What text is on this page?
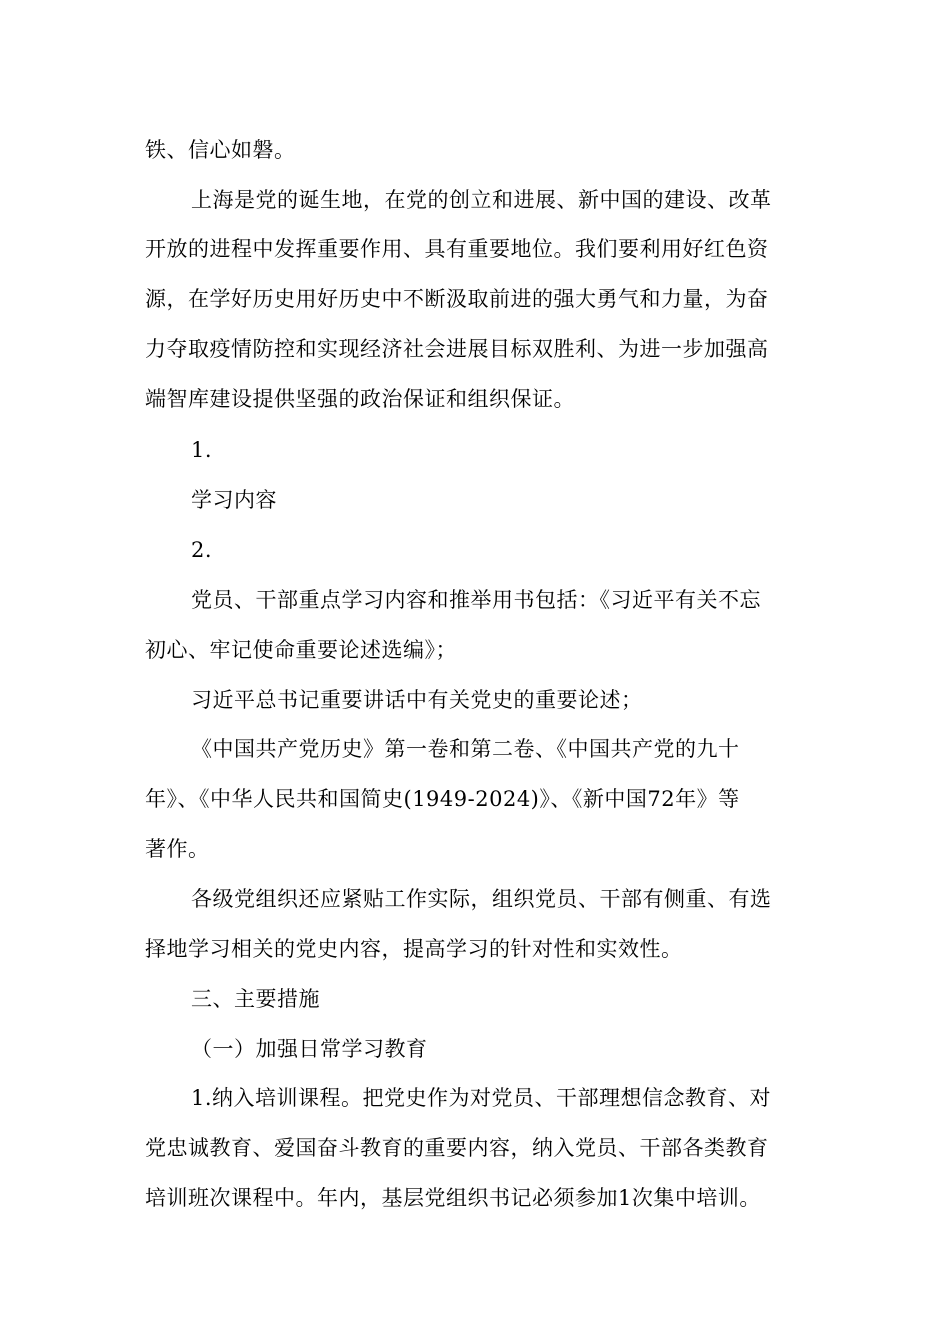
铁、信心如磐。
上海是党的诞生地，在党的创立和进展、新中国的建设、改革
开放的进程中发挥重要作用、具有重要地位。我们要利用好红色资
源，在学好历史用好历史中不断汲取前进的强大勇气和力量，为奋
力夺取疫情防控和实现经济社会进展目标双胜利、为进一步加强高
端智库建设提供坚强的政治保证和组织保证。
1.
学习内容
2.
党员、干部重点学习内容和推举用书包括：《习近平有关不忘
初心、牢记使命重要论述选编》；
习近平总书记重要讲话中有关党史的重要论述；
《中国共产党历史》第一卷和第二卷、《中国共产党的九十
年》、《中华人民共和国简史(1949-2024)》、《新中国72年》等
著作。
各级党组织还应紧贴工作实际，组织党员、干部有侧重、有选
择地学习相关的党史内容，提高学习的针对性和实效性。
三、主要措施
（一）加强日常学习教育
1.纳入培训课程。把党史作为对党员、干部理想信念教育、对
党忠诚教育、爱国奋斗教育的重要内容，纳入党员、干部各类教育
培训班次课程中。年内，基层党组织书记必须参加1次集中培训。
